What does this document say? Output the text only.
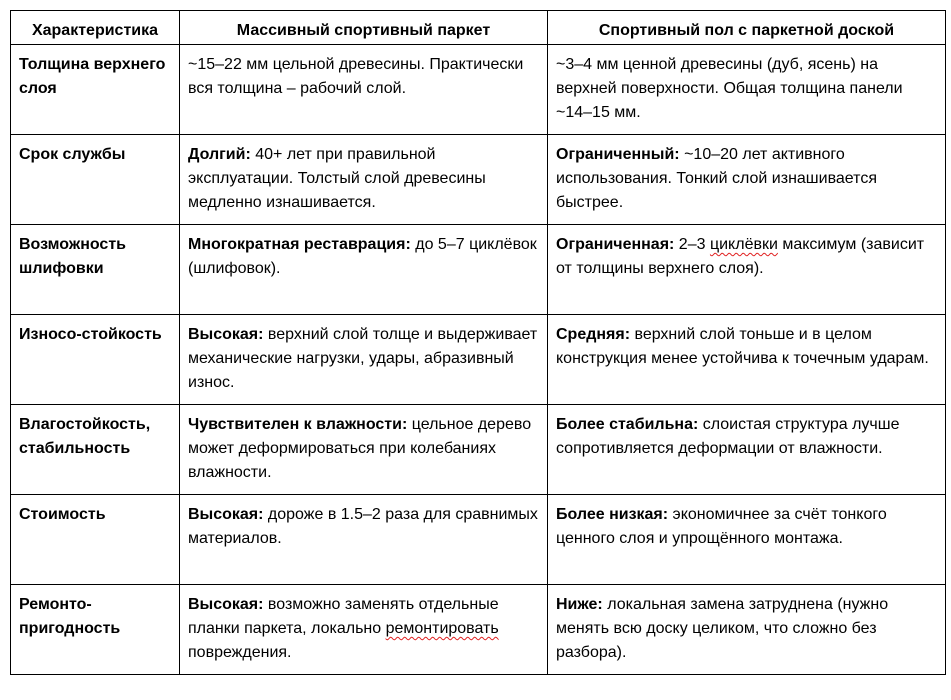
Характеристика	Массивный спортивный паркет	Спортивный пол с паркетной доской
Толщина верхнего слоя	~15–22 мм цельной древесины. Практически вся толщина – рабочий слой.	~3–4 мм ценной древесины (дуб, ясень) на верхней поверхности. Общая толщина панели ~14–15 мм.
Срок службы	Долгий: 40+ лет при правильной эксплуатации. Толстый слой древесины медленно изнашивается.	Ограниченный: ~10–20 лет активного использования. Тонкий слой изнашивается быстрее.
Возможность шлифовки	Многократная реставрация: до 5–7 циклёвок (шлифовок).	Ограниченная: 2–3 циклёвки максимум (зависит от толщины верхнего слоя).
Износо-стойкость	Высокая: верхний слой толще и выдерживает механические нагрузки, удары, абразивный износ.	Средняя: верхний слой тоньше и в целом конструкция менее устойчива к точечным ударам.
Влагостойкость, стабильность	Чувствителен к влажности: цельное дерево может деформироваться при колебаниях влажности.	Более стабильна: слоистая структура лучше сопротивляется деформации от влажности.
Стоимость	Высокая: дороже в 1.5–2 раза для сравнимых материалов.	Более низкая: экономичнее за счёт тонкого ценного слоя и упрощённого монтажа.
Ремонто-пригодность	Высокая: возможно заменять отдельные планки паркета, локально ремонтировать повреждения.	Ниже: локальная замена затруднена (нужно менять всю доску целиком, что сложно без разбора).
